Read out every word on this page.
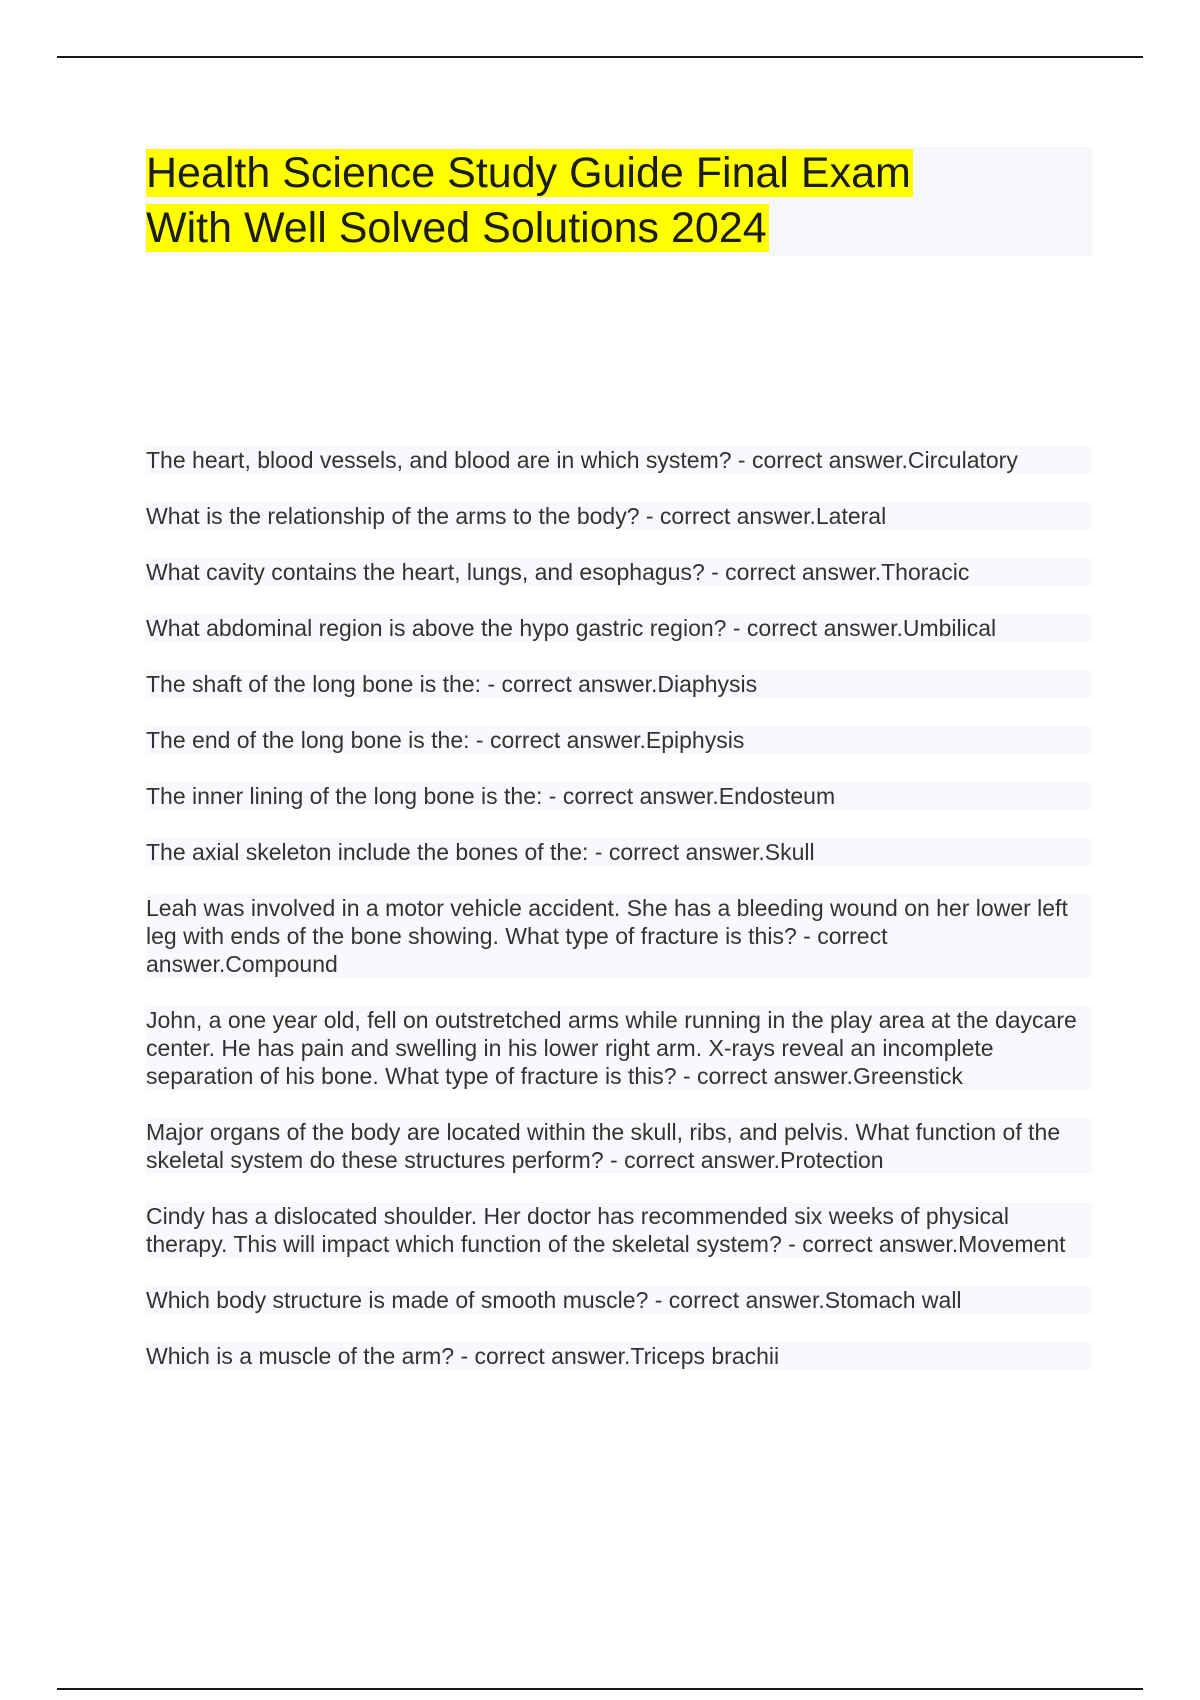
Health Science Study Guide Final Exam
With Well Solved Solutions 2024
The heart, blood vessels, and blood are in which system? - correct answer.Circulatory
What is the relationship of the arms to the body? - correct answer.Lateral
What cavity contains the heart, lungs, and esophagus? - correct answer.Thoracic
What abdominal region is above the hypo gastric region? - correct answer.Umbilical
The shaft of the long bone is the: - correct answer.Diaphysis
The end of the long bone is the: - correct answer.Epiphysis
The inner lining of the long bone is the: - correct answer.Endosteum
The axial skeleton include the bones of the: - correct answer.Skull
Leah was involved in a motor vehicle accident. She has a bleeding wound on her lower left leg with ends of the bone showing. What type of fracture is this? - correct answer.Compound
John, a one year old, fell on outstretched arms while running in the play area at the daycare center. He has pain and swelling in his lower right arm. X-rays reveal an incomplete separation of his bone. What type of fracture is this? - correct answer.Greenstick
Major organs of the body are located within the skull, ribs, and pelvis. What function of the skeletal system do these structures perform? - correct answer.Protection
Cindy has a dislocated shoulder. Her doctor has recommended six weeks of physical therapy. This will impact which function of the skeletal system? - correct answer.Movement
Which body structure is made of smooth muscle? - correct answer.Stomach wall
Which is a muscle of the arm? - correct answer.Triceps brachii
